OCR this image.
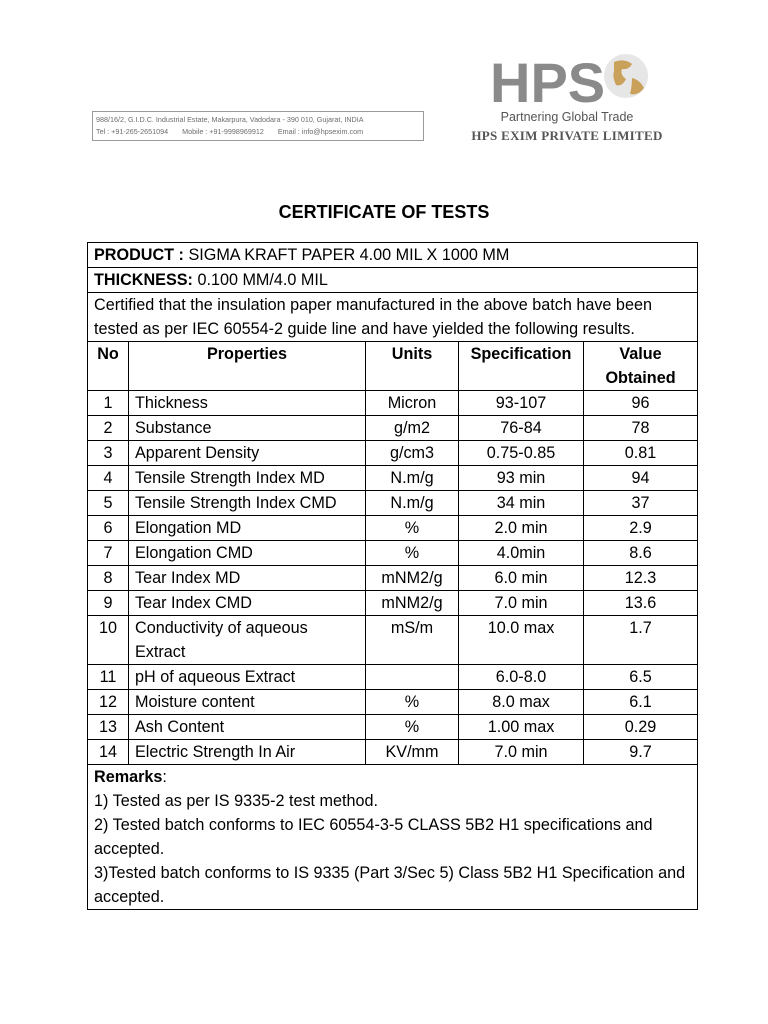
988/16/2, G.I.D.C. Industrial Estate, Makarpura, Vadodara - 390 010, Gujarat, INDIA
Tel : +91-265-2651094 Mobile : +91-9998969912 Email : info@hpsexim.com
HPS
Partnering Global Trade
HPS EXIM PRIVATE LIMITED
CERTIFICATE OF TESTS
PRODUCT : SIGMA KRAFT PAPER 4.00 MIL X 1000 MM				
THICKNESS: 0.100 MM/4.0 MIL				
Certified that the insulation paper manufactured in the above batch have been tested as per IEC 60554-2 guide line and have yielded the following results.				
No	Properties	Units	Specification	Value Obtained
1	Thickness	Micron	93-107	96
2	Substance	g/m2	76-84	78
3	Apparent Density	g/cm3	0.75-0.85	0.81
4	Tensile Strength Index MD	N.m/g	93 min	94
5	Tensile Strength Index CMD	N.m/g	34 min	37
6	Elongation MD	%	2.0 min	2.9
7	Elongation CMD	%	4.0min	8.6
8	Tear Index MD	mNM2/g	6.0 min	12.3
9	Tear Index CMD	mNM2/g	7.0 min	13.6
10	Conductivity of aqueous Extract	mS/m	10.0 max	1.7
11	pH of aqueous Extract		6.0-8.0	6.5
12	Moisture content	%	8.0 max	6.1
13	Ash Content	%	1.00 max	0.29
14	Electric Strength In Air	KV/mm	7.0 min	9.7

Remarks:
1) Tested as per IS 9335-2 test method.
2) Tested batch conforms to IEC 60554-3-5 CLASS 5B2 H1 specifications and accepted.
3)Tested batch conforms to IS 9335 (Part 3/Sec 5) Class 5B2 H1 Specification and accepted.				
